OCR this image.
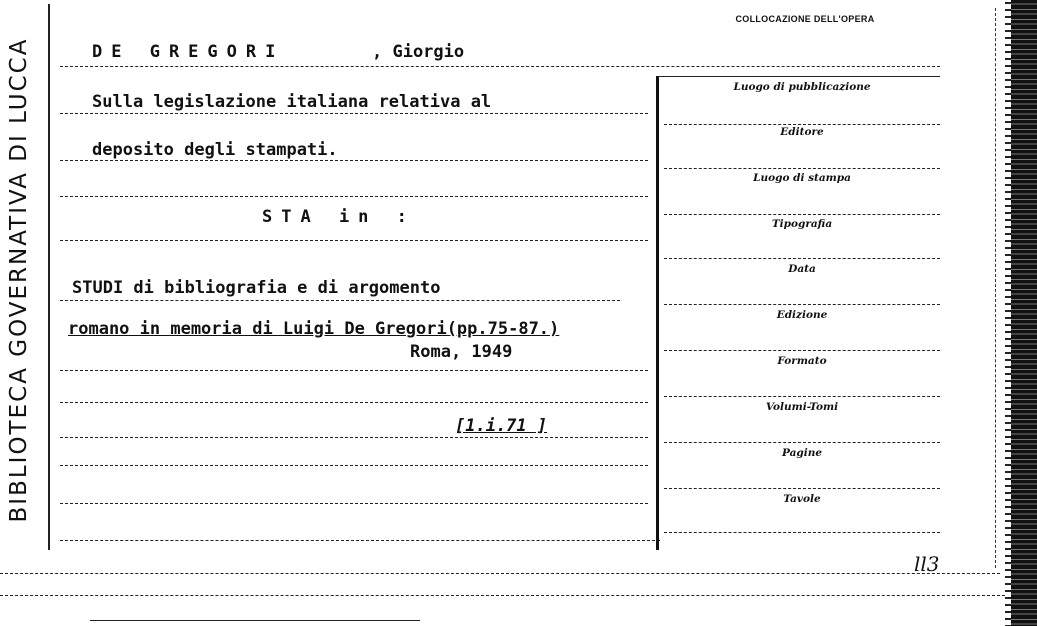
BIBLIOTECA GOVERNATIVA DI LUCCA
COLLOCAZIONE DELL'OPERA
Luogo di pubblicazione
Editore
Luogo di stampa
Tipografia
Data
Edizione
Formato
Volumi-Tomi
Pagine
Tavole
DE GREGORI	, Giorgio
Sulla legislazione italiana relativa al
deposito degli stampati.
STA in :
STUDI di bibliografia e di argomento
romano in memoria di Luigi De Gregori(pp.75-87.)
Roma, 1949
[1.i.71 ]
ll3
